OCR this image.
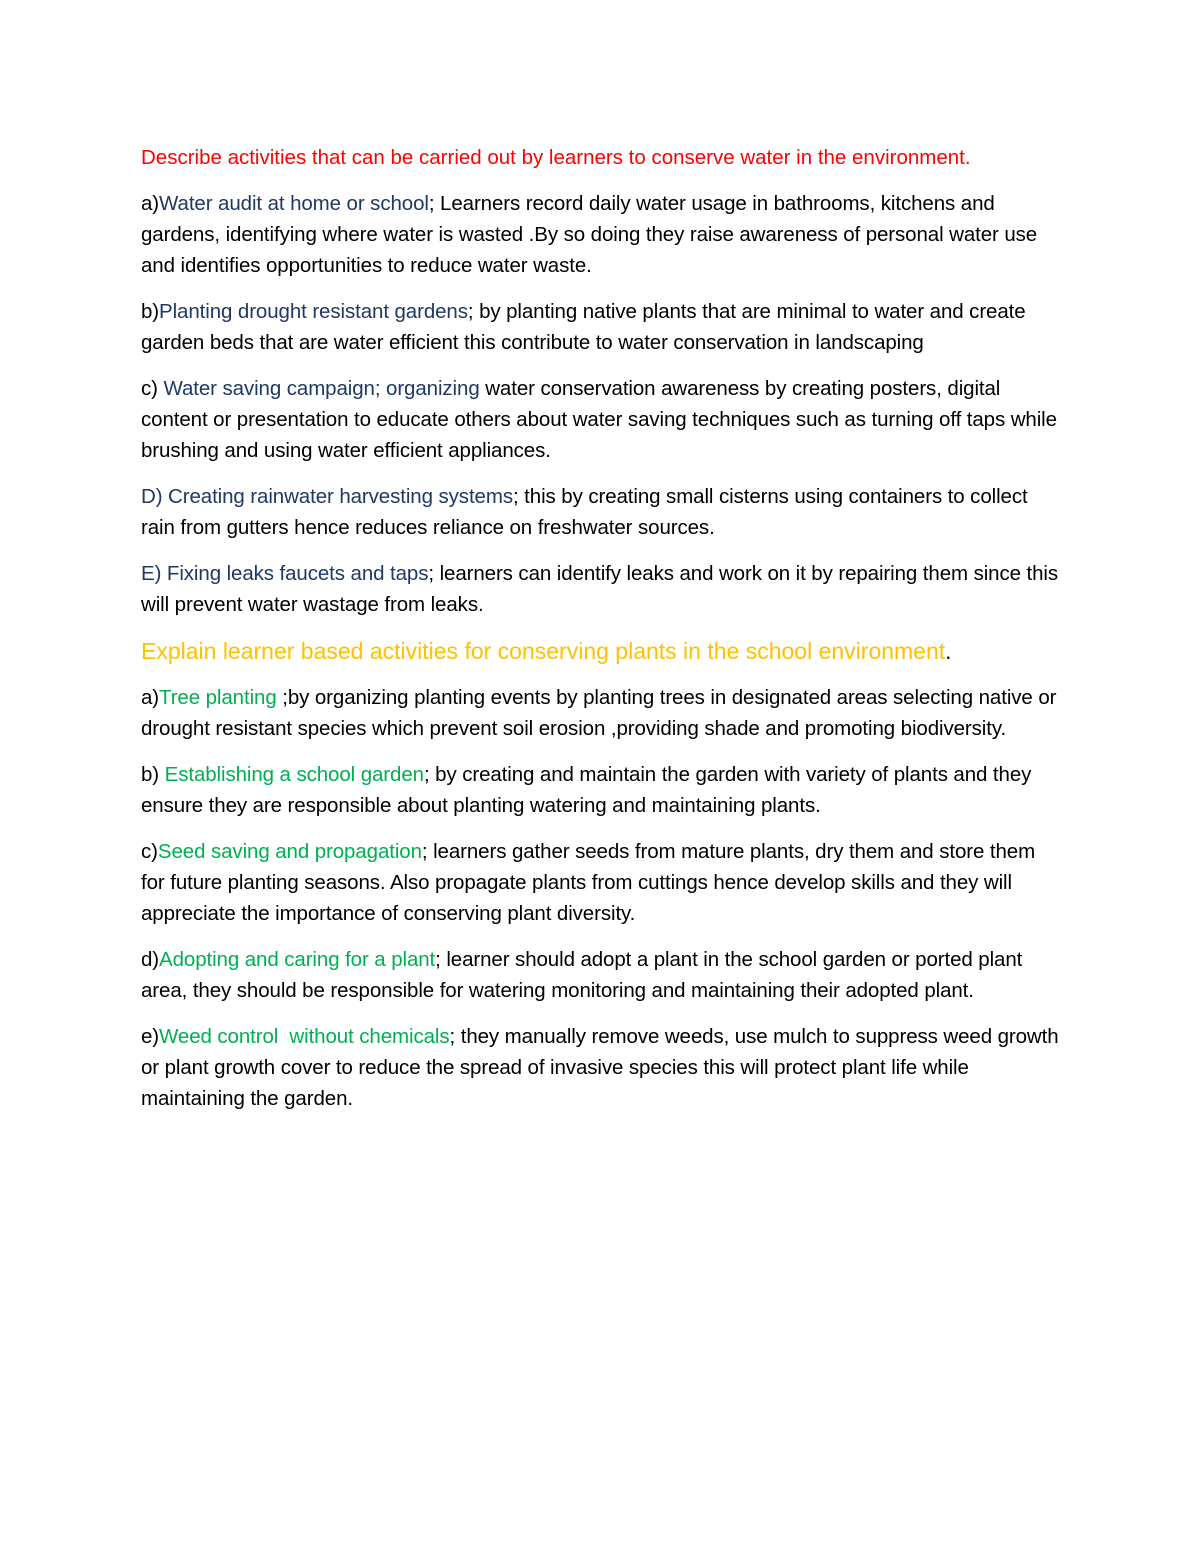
Describe activities that can be carried out by learners to conserve water in the environment.

a)Water audit at home or school; Learners record daily water usage in bathrooms, kitchens and gardens, identifying where water is wasted .By so doing they raise awareness of personal water use and identifies opportunities to reduce water waste.

b)Planting drought resistant gardens; by planting native plants that are minimal to water and create garden beds that are water efficient this contribute to water conservation in landscaping

c) Water saving campaign; organizing water conservation awareness by creating posters, digital content or presentation to educate others about water saving techniques such as turning off taps while brushing and using water efficient appliances.

D) Creating rainwater harvesting systems; this by creating small cisterns using containers to collect rain from gutters hence reduces reliance on freshwater sources.

E) Fixing leaks faucets and taps; learners can identify leaks and work on it by repairing them since this will prevent water wastage from leaks.

Explain learner based activities for conserving plants in the school environment.

a)Tree planting ;by organizing planting events by planting trees in designated areas selecting native or drought resistant species which prevent soil erosion ,providing shade and promoting biodiversity.

b) Establishing a school garden; by creating and maintain the garden with variety of plants and they ensure they are responsible about planting watering and maintaining plants.

c)Seed saving and propagation; learners gather seeds from mature plants, dry them and store them for future planting seasons. Also propagate plants from cuttings hence develop skills and they will appreciate the importance of conserving plant diversity.

d)Adopting and caring for a plant; learner should adopt a plant in the school garden or ported plant area, they should be responsible for watering monitoring and maintaining their adopted plant.

e)Weed control  without chemicals; they manually remove weeds, use mulch to suppress weed growth or plant growth cover to reduce the spread of invasive species this will protect plant life while maintaining the garden.
